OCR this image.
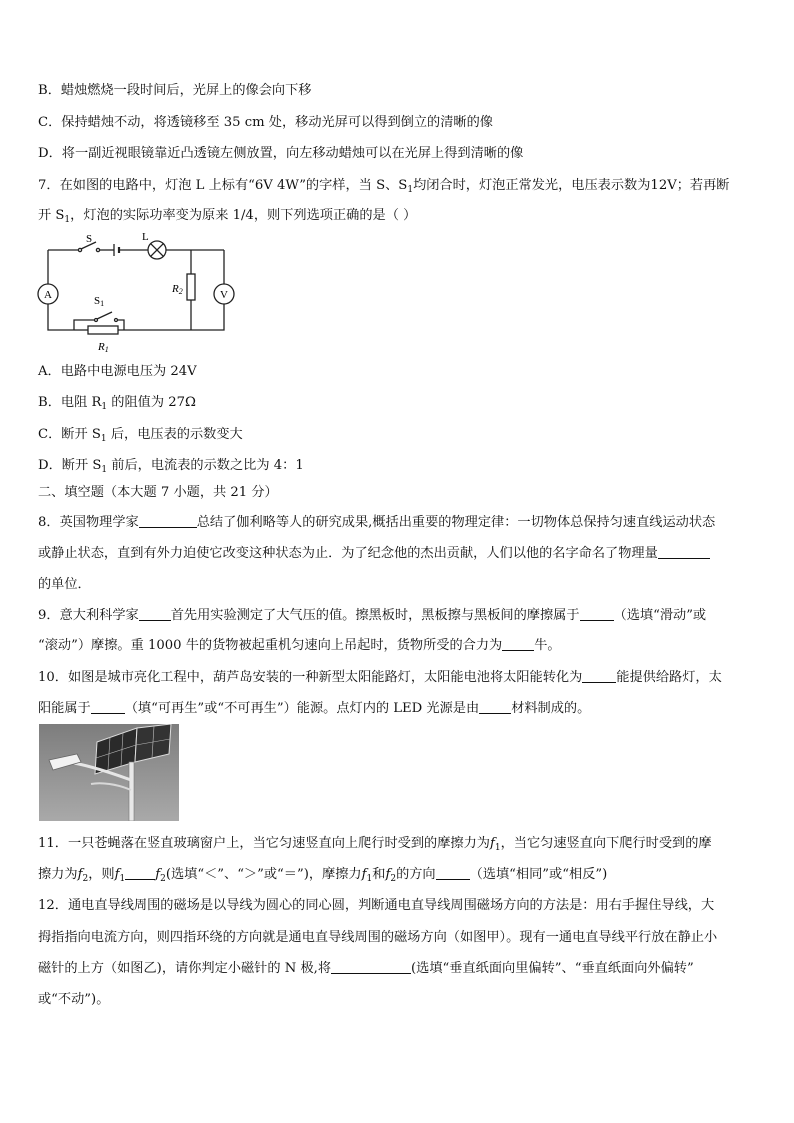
B．蜡烛燃烧一段时间后，光屏上的像会向下移
C．保持蜡烛不动，将透镜移至 35 cm 处，移动光屏可以得到倒立的清晰的像
D．将一副近视眼镜靠近凸透镜左侧放置，向左移动蜡烛可以在光屏上得到清晰的像
7．在如图的电路中，灯泡 L 上标有“6V 4W”的字样，当 S、$S_1$均闭合时，灯泡正常发光，电压表示数为12V；若再断
开 $S_1$，灯泡的实际功率变为原来 1/4，则下列选项正确的是（ ）
A	V
S	L
S1
R2
R1
A．电路中电源电压为 24V
B．电阻 $R_1$ 的阻值为 27Ω
C．断开 $S_1$ 后，电压表的示数变大
D．断开 $S_1$ 前后，电流表的示数之比为 4：1
二、填空题（本大题 7 小题，共 21 分）
8．英国物理学家	总结了伽利略等人的研究成果,概括出重要的物理定律：一切物体总保持匀速直线运动状态
或静止状态，直到有外力迫使它改变这种状态为止．为了纪念他的杰出贡献，人们以他的名字命名了物理量
的单位．
9．意大利科学家 首先用实验测定了大气压的值。擦黑板时，黑板擦与黑板间的摩擦属于	（选填“滑动”或
“滚动”）摩擦。重 1000 牛的货物被起重机匀速向上吊起时，货物所受的合力为 牛。
10．如图是城市亮化工程中，葫芦岛安装的一种新型太阳能路灯，太阳能电池将太阳能转化为	能提供给路灯，太
阳能属于	（填“可再生”或“不可再生”）能源。点灯内的 LED 光源是由 材料制成的。
11．一只苍蝇落在竖直玻璃窗户上，当它匀速竖直向上爬行时受到的摩擦力为$f_1$，当它匀速竖直向下爬行时受到的摩
擦力为$f_2$，则$f_1$ $f_2$(选填“＜”、“＞”或“＝”)，摩擦力$f_1$和$f_2$的方向	（选填“相同”或“相反”)
12．通电直导线周围的磁场是以导线为圆心的同心圆，判断通电直导线周围磁场方向的方法是：用右手握住导线，大
拇指指向电流方向，则四指环绕的方向就是通电直导线周围的磁场方向（如图甲）。现有一通电直导线平行放在静止小
磁针的上方（如图乙)，请你判定小磁针的 N 极,将	(选填“垂直纸面向里偏转”、“垂直纸面向外偏转”
或“不动”)。
